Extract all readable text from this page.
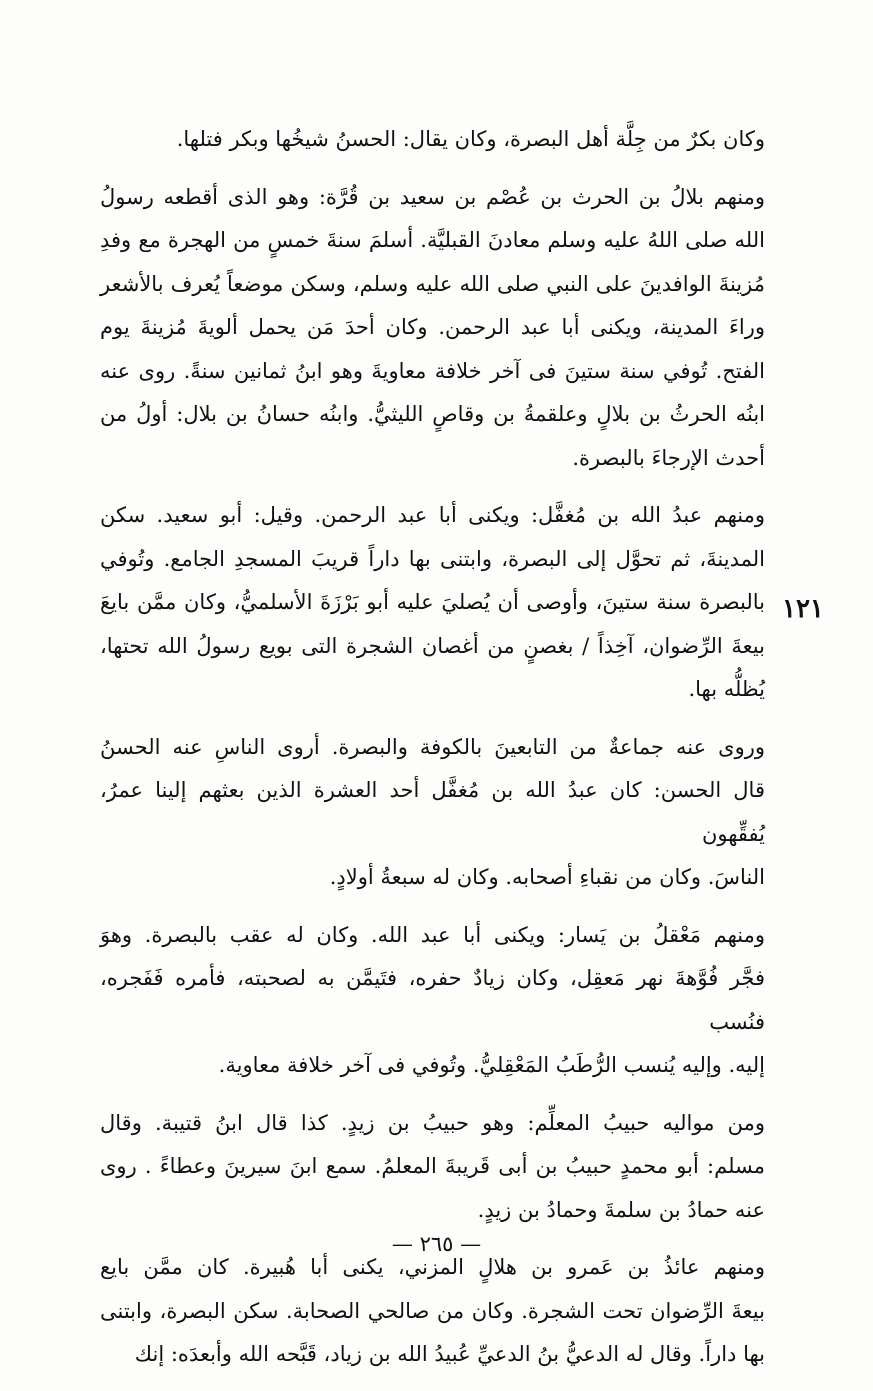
وكان بكرٌ من جِلَّة أهل البصرة، وكان يقال: الحسنُ شيخُها وبكر فتلها.
ومنهم بلالُ بن الحرث بن عُصْم بن سعيد بن قُرَّة: وهو الذى أقطعه رسولُ
الله صلى اللهُ عليه وسلم معادنَ القبليَّة. أسلمَ سنةَ خمسٍ من الهجرة مع وفدِ
مُزينةَ الوافدينَ على النبي صلى الله عليه وسلم، وسكن موضعاً يُعرف بالأشعر
وراءَ المدينة، ويكنى أبا عبد الرحمن. وكان أحدَ مَن يحمل ألويةَ مُزينةَ يوم
الفتح. تُوفي سنة ستينَ فى آخر خلافة معاويةَ وهو ابنُ ثمانين سنةً. روى عنه
ابنُه الحرثُ بن بلالٍ وعلقمةُ بن وقاصٍ الليثيُّ. وابنُه حسانُ بن بلال: أولُ من
أحدث الإرجاءَ بالبصرة.
ومنهم عبدُ الله بن مُغفَّل: ويكنى أبا عبد الرحمن. وقيل: أبو سعيد. سكن
المدينةَ، ثم تحوَّل إلى البصرة، وابتنى بها داراً قريبَ المسجدِ الجامع. وتُوفي
بالبصرة سنة ستينَ، وأوصى أن يُصليَ عليه أبو بَرْزَةَ الأسلميُّ، وكان ممَّن بايعَ
بيعةَ الرِّضوان، آخِذاً / بغصنٍ من أغصان الشجرة التى بويع رسولُ الله تحتها،
يُظلُّه بها.
وروى عنه جماعةٌ من التابعينَ بالكوفة والبصرة. أروى الناسِ عنه الحسنُ
قال الحسن: كان عبدُ الله بن مُغفَّل أحد العشرة الذين بعثهم إلينا عمرُ، يُفقِّهون
الناسَ. وكان من نقباءِ أصحابه. وكان له سبعةُ أولادٍ.
ومنهم مَعْقلُ بن يَسار: ويكنى أبا عبد الله. وكان له عقب بالبصرة. وهوَ
فجَّر فُوَّهةَ نهر مَعقِل، وكان زيادٌ حفره، فتَيمَّن به لصحبته، فأمره فَفَجره، فنُسب
إليه. وإليه يُنسب الرُّطَبُ المَعْقِليُّ. وتُوفي فى آخر خلافة معاوية.
ومن مواليه حبيبُ المعلِّم: وهو حبيبُ بن زيدٍ. كذا قال ابنُ قتيبة. وقال
مسلم: أبو محمدٍ حبيبُ بن أبى قَريبةَ المعلمُ. سمع ابنَ سيرينَ وعطاءً . روى
عنه حمادُ بن سلمةَ وحمادُ بن زيدٍ.
ومنهم عائذُ بن عَمرو بن هلالٍ المزني، يكنى أبا هُبيرة. كان ممَّن بايع
بيعةَ الرِّضوان تحت الشجرة. وكان من صالحي الصحابة. سكن البصرة، وابتنى
بها داراً. وقال له الدعيُّ بنُ الدعيِّ عُبيدُ الله بن زياد، قَبَّحه الله وأبعدَه: إنك
١٢١
— ٢٦٥ —
